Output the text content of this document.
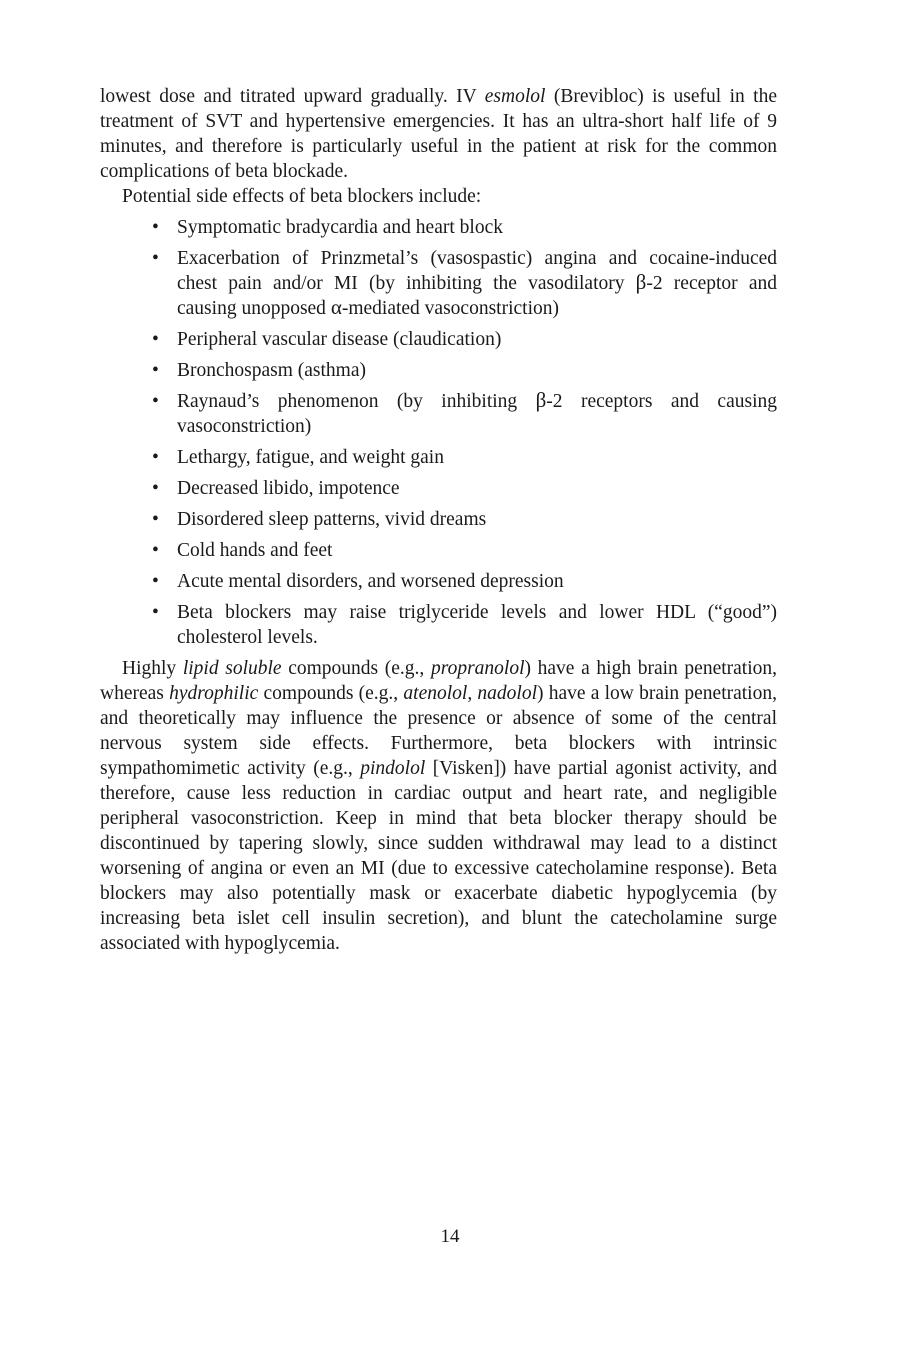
lowest dose and titrated upward gradually. IV esmolol (Brevibloc) is useful in the treatment of SVT and hypertensive emergencies. It has an ultra-short half life of 9 minutes, and therefore is particularly useful in the patient at risk for the common complications of beta blockade.

Potential side effects of beta blockers include:

• Symptomatic bradycardia and heart block
• Exacerbation of Prinzmetal’s (vasospastic) angina and cocaine-induced chest pain and/or MI (by inhibiting the vasodilatory β-2 receptor and causing unopposed α-mediated vasoconstriction)
• Peripheral vascular disease (claudication)
• Bronchospasm (asthma)
• Raynaud’s phenomenon (by inhibiting β-2 receptors and causing vasoconstriction)
• Lethargy, fatigue, and weight gain
• Decreased libido, impotence
• Disordered sleep patterns, vivid dreams
• Cold hands and feet
• Acute mental disorders, and worsened depression
• Beta blockers may raise triglyceride levels and lower HDL (“good”) cholesterol levels.

Highly lipid soluble compounds (e.g., propranolol) have a high brain penetration, whereas hydrophilic compounds (e.g., atenolol, nadolol) have a low brain penetration, and theoretically may influence the presence or absence of some of the central nervous system side effects. Furthermore, beta blockers with intrinsic sympathomimetic activity (e.g., pindolol [Visken]) have partial agonist activity, and therefore, cause less reduction in cardiac output and heart rate, and negligible peripheral vasoconstriction. Keep in mind that beta blocker therapy should be discontinued by tapering slowly, since sudden withdrawal may lead to a distinct worsening of angina or even an MI (due to excessive catecholamine response). Beta blockers may also potentially mask or exacerbate diabetic hypoglycemia (by increasing beta islet cell insulin secretion), and blunt the catecholamine surge associated with hypoglycemia.

14
